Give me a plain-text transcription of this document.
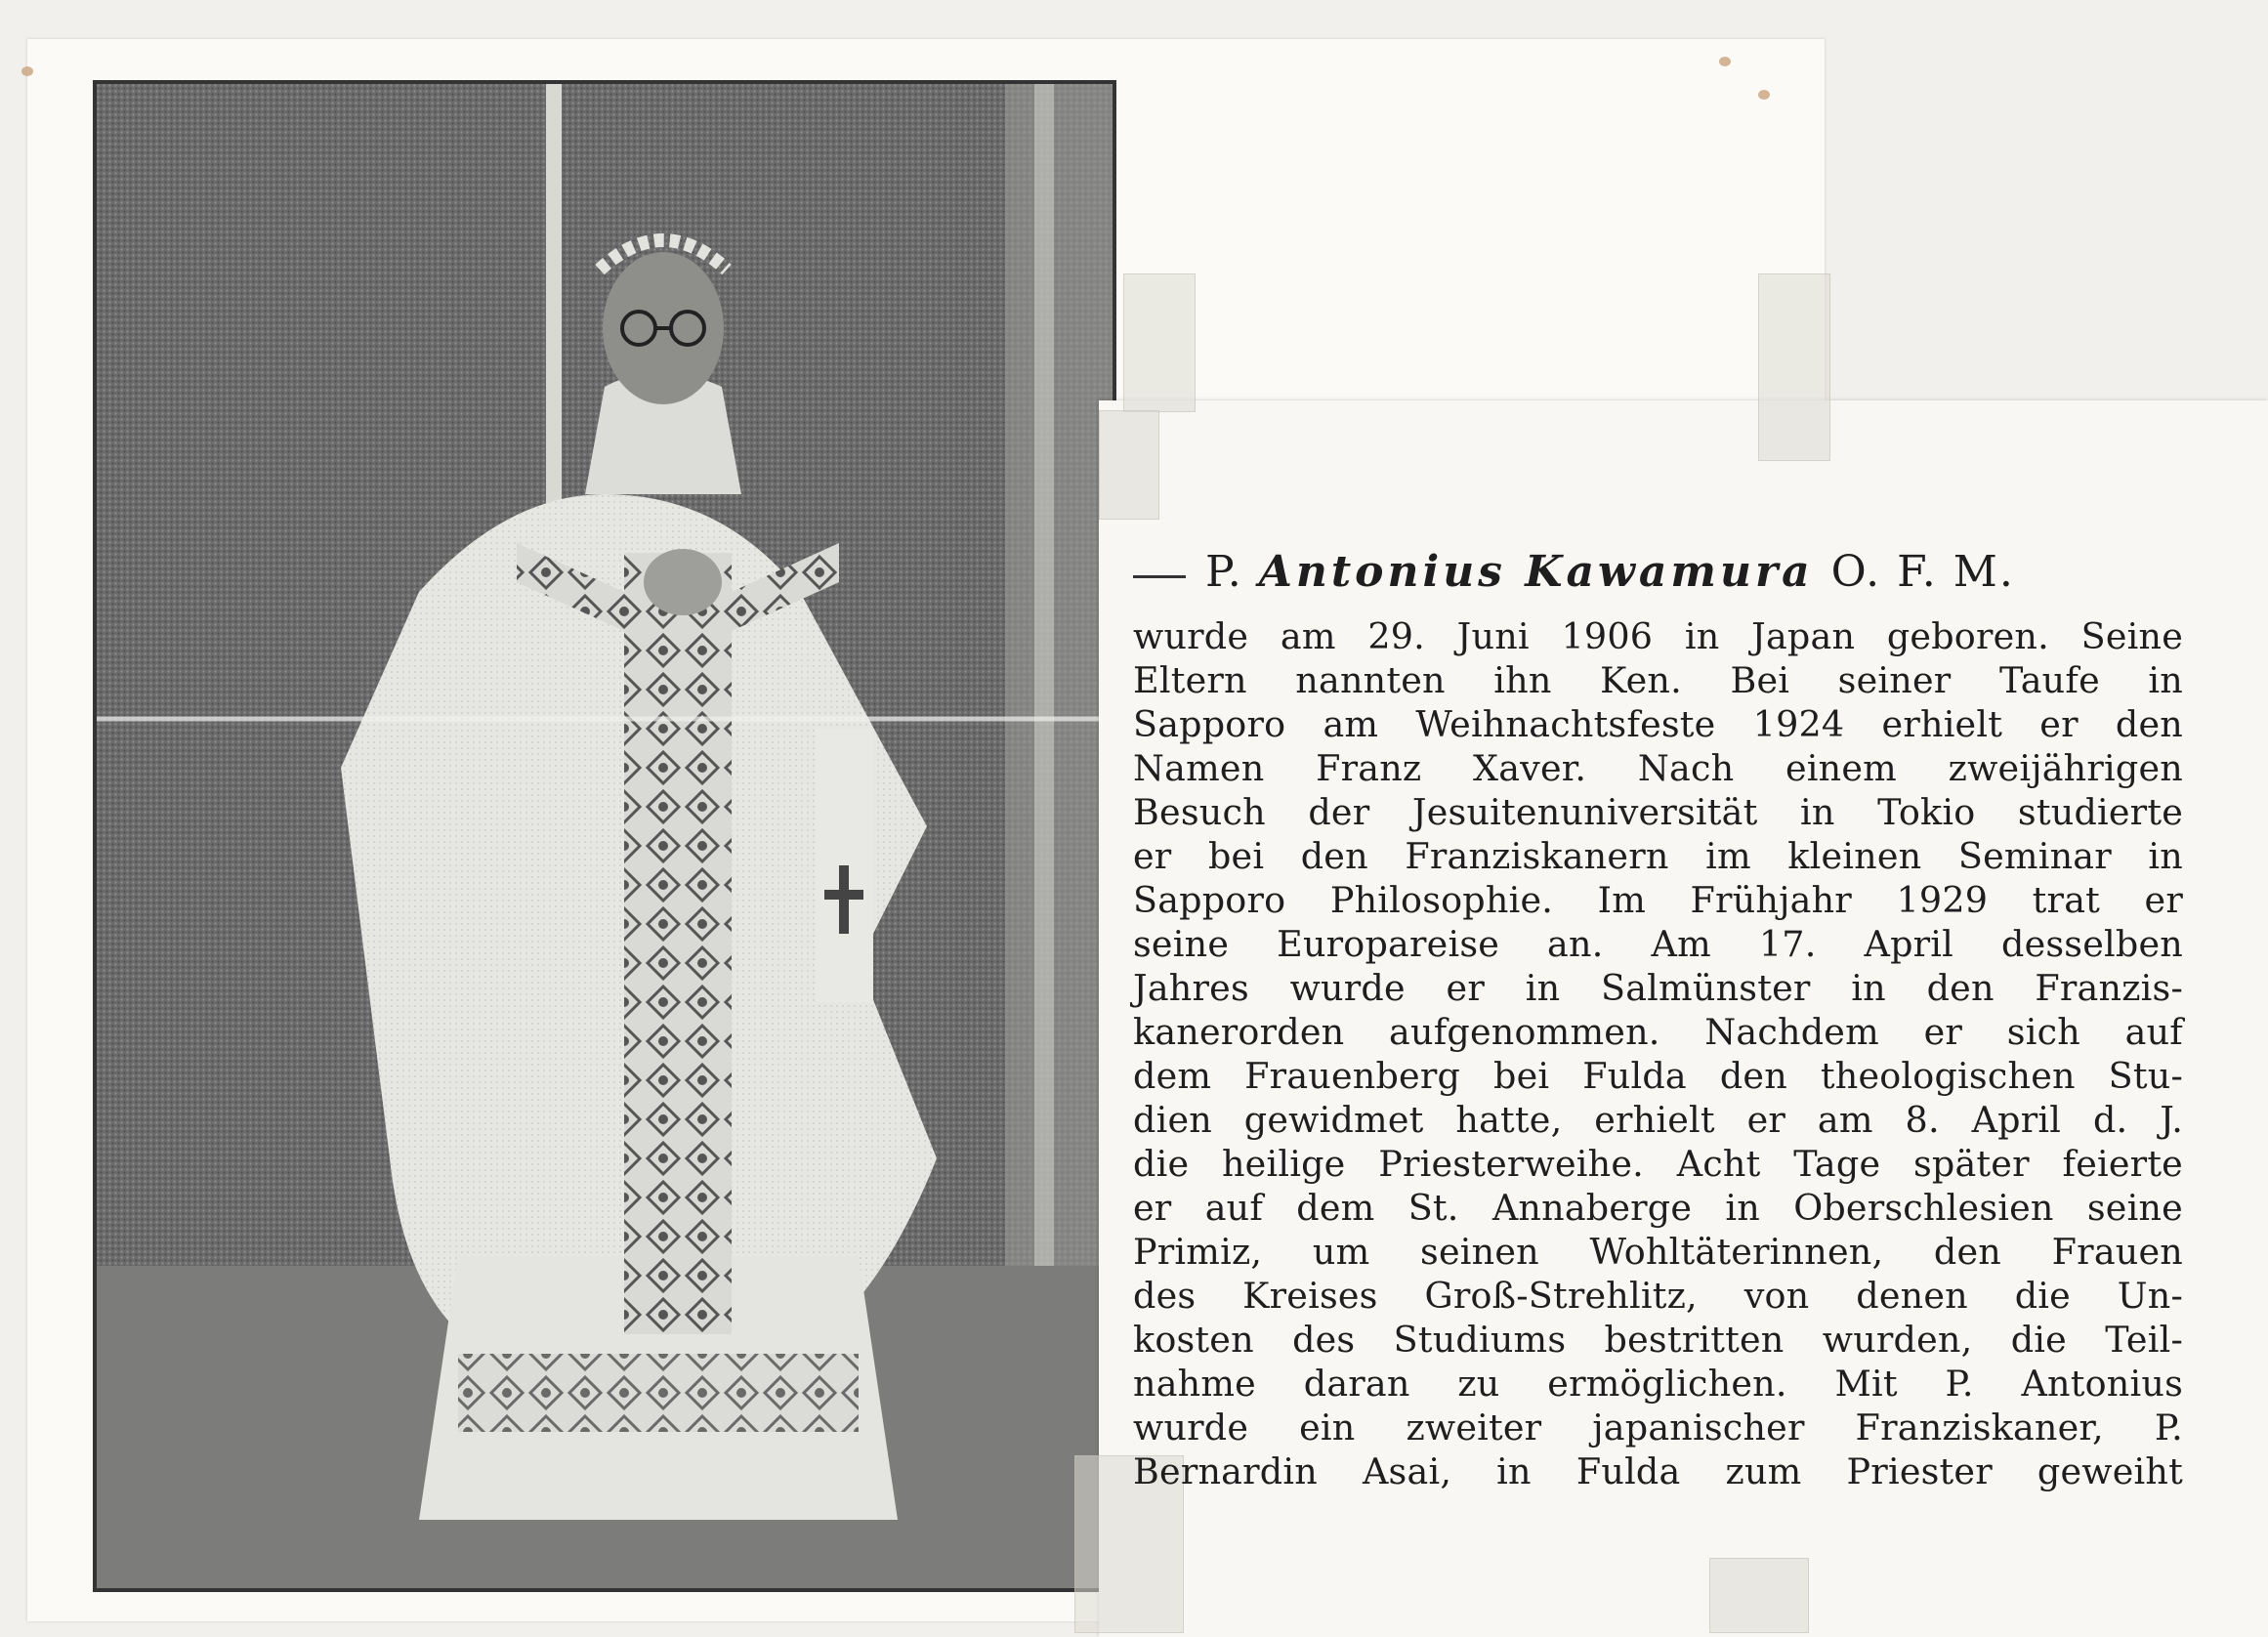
P.
Antonius Kawamura O. F. M.
wurde am 29. Juni 1906 in Japan geboren. Seine
Eltern nannten ihn Ken. Bei seiner Taufe in
Sapporo am Weihnachtsfeste 1924 erhielt er den
Namen Franz Xaver. Nach einem zweijährigen
Besuch der Jesuitenuniversität in Tokio studierte
er bei den Franziskanern im kleinen Seminar in
Sapporo Philosophie. Im Frühjahr 1929 trat er
seine Europareise an. Am 17. April desselben
Jahres wurde er in Salmünster in den Franzis-
kanerorden aufgenommen. Nachdem er sich auf
dem Frauenberg bei Fulda den theologischen Stu-
dien gewidmet hatte, erhielt er am 8. April d. J.
die heilige Priesterweihe. Acht Tage später feierte
er auf dem St. Annaberge in Oberschlesien seine
Primiz, um seinen Wohltäterinnen, den Frauen
des Kreises Groß-Strehlitz, von denen die Un-
kosten des Studiums bestritten wurden, die Teil-
nahme daran zu ermöglichen. Mit P. Antonius
wurde ein zweiter japanischer Franziskaner, P.
Bernardin Asai, in Fulda zum Priester geweiht
